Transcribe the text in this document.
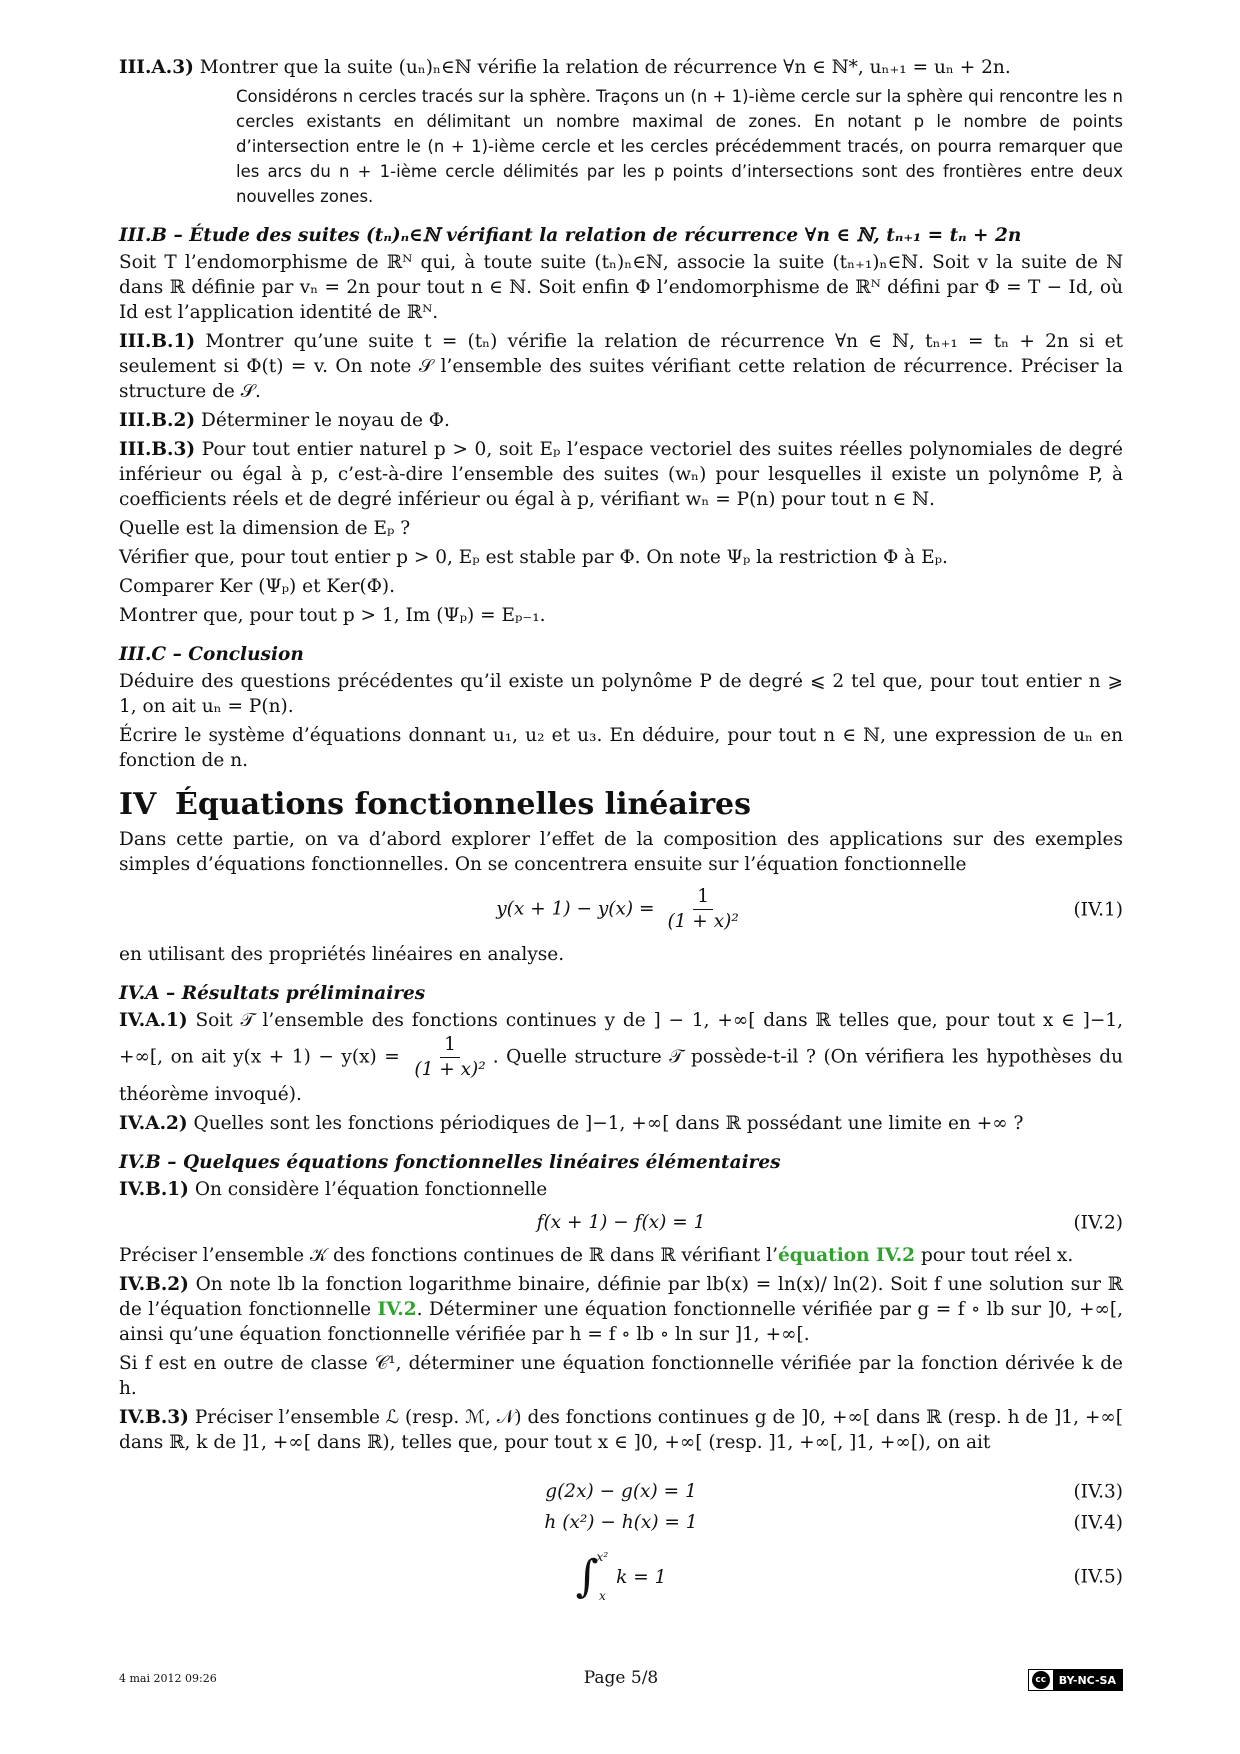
III.A.3) Montrer que la suite (uₙ)ₙ∈ℕ vérifie la relation de récurrence ∀n ∈ ℕ*, uₙ₊₁ = uₙ + 2n.

Considérons n cercles tracés sur la sphère. Traçons un (n + 1)-ième cercle sur la sphère qui rencontre les n cercles existants en délimitant un nombre maximal de zones. En notant p le nombre de points d’intersection entre le (n + 1)-ième cercle et les cercles précédemment tracés, on pourra remarquer que les arcs du n + 1-ième cercle délimités par les p points d’intersections sont des frontières entre deux nouvelles zones.

III.B – Étude des suites (tₙ)ₙ∈ℕ vérifiant la relation de récurrence ∀n ∈ ℕ, tₙ₊₁ = tₙ + 2n

Soit T l’endomorphisme de ℝᴺ qui, à toute suite (tₙ)ₙ∈ℕ, associe la suite (tₙ₊₁)ₙ∈ℕ. Soit v la suite de ℕ dans ℝ définie par vₙ = 2n pour tout n ∈ ℕ. Soit enfin Φ l’endomorphisme de ℝᴺ défini par Φ = T − Id, où Id est l’application identité de ℝᴺ.

III.B.1) Montrer qu’une suite t = (tₙ) vérifie la relation de récurrence ∀n ∈ ℕ, tₙ₊₁ = tₙ + 2n si et seulement si Φ(t) = v. On note 𝒮 l’ensemble des suites vérifiant cette relation de récurrence. Préciser la structure de 𝒮.

III.B.2) Déterminer le noyau de Φ.

III.B.3) Pour tout entier naturel p > 0, soit Eₚ l’espace vectoriel des suites réelles polynomiales de degré inférieur ou égal à p, c’est-à-dire l’ensemble des suites (wₙ) pour lesquelles il existe un polynôme P, à coefficients réels et de degré inférieur ou égal à p, vérifiant wₙ = P(n) pour tout n ∈ ℕ.

Quelle est la dimension de Eₚ ?

Vérifier que, pour tout entier p > 0, Eₚ est stable par Φ. On note Ψₚ la restriction Φ à Eₚ.

Comparer Ker (Ψₚ) et Ker(Φ).

Montrer que, pour tout p > 1, Im (Ψₚ) = Eₚ₋₁.

III.C – Conclusion

Déduire des questions précédentes qu’il existe un polynôme P de degré ⩽ 2 tel que, pour tout entier n ⩾ 1, on ait uₙ = P(n).

Écrire le système d’équations donnant u₁, u₂ et u₃. En déduire, pour tout n ∈ ℕ, une expression de uₙ en fonction de n.

IV Équations fonctionnelles linéaires

Dans cette partie, on va d’abord explorer l’effet de la composition des applications sur des exemples simples d’équations fonctionnelles. On se concentrera ensuite sur l’équation fonctionnelle

$y(x + 1) - y(x) = \frac{1}{\text{(1 + x)²}}$	(IV.1)

en utilisant des propriétés linéaires en analyse.

IV.A – Résultats préliminaires

IV.A.1) Soit 𝒯 l’ensemble des fonctions continues y de ] − 1, +∞[ dans ℝ telles que, pour tout x ∈ ]−1, +∞[, on ait $y(x + 1) - y(x) = \frac{1}{\text{(1 + x)²}}$ . Quelle structure 𝒯 possède-t-il ? (On vérifiera les hypothèses du théorème invoqué).

IV.A.2) Quelles sont les fonctions périodiques de ]−1, +∞[ dans ℝ possédant une limite en +∞ ?

IV.B – Quelques équations fonctionnelles linéaires élémentaires

IV.B.1) On considère l’équation fonctionnelle

f(x + 1) − f(x) = 1	(IV.2)

Préciser l’ensemble 𝒦 des fonctions continues de ℝ dans ℝ vérifiant l’équation IV.2 pour tout réel x.

IV.B.2) On note lb la fonction logarithme binaire, définie par lb(x) = ln(x)/ ln(2). Soit f une solution sur ℝ de l’équation fonctionnelle IV.2. Déterminer une équation fonctionnelle vérifiée par g = f ∘ lb sur ]0, +∞[, ainsi qu’une équation fonctionnelle vérifiée par h = f ∘ lb ∘ ln sur ]1, +∞[.

Si f est en outre de classe 𝒞¹, déterminer une équation fonctionnelle vérifiée par la fonction dérivée k de h.

IV.B.3) Préciser l’ensemble ℒ (resp. ℳ, 𝒩) des fonctions continues g de ]0, +∞[ dans ℝ (resp. h de ]1, +∞[ dans ℝ, k de ]1, +∞[ dans ℝ), telles que, pour tout x ∈ ]0, +∞[ (resp. ]1, +∞[, ]1, +∞[), on ait

g(2x) − g(x) = 1	(IV.3)
h (x²) − h(x) = 1	(IV.4)
∫
x²
x
k = 1	(IV.5)
4 mai 2012 09:26	Page 5/8	cc	BY-NC-SA
